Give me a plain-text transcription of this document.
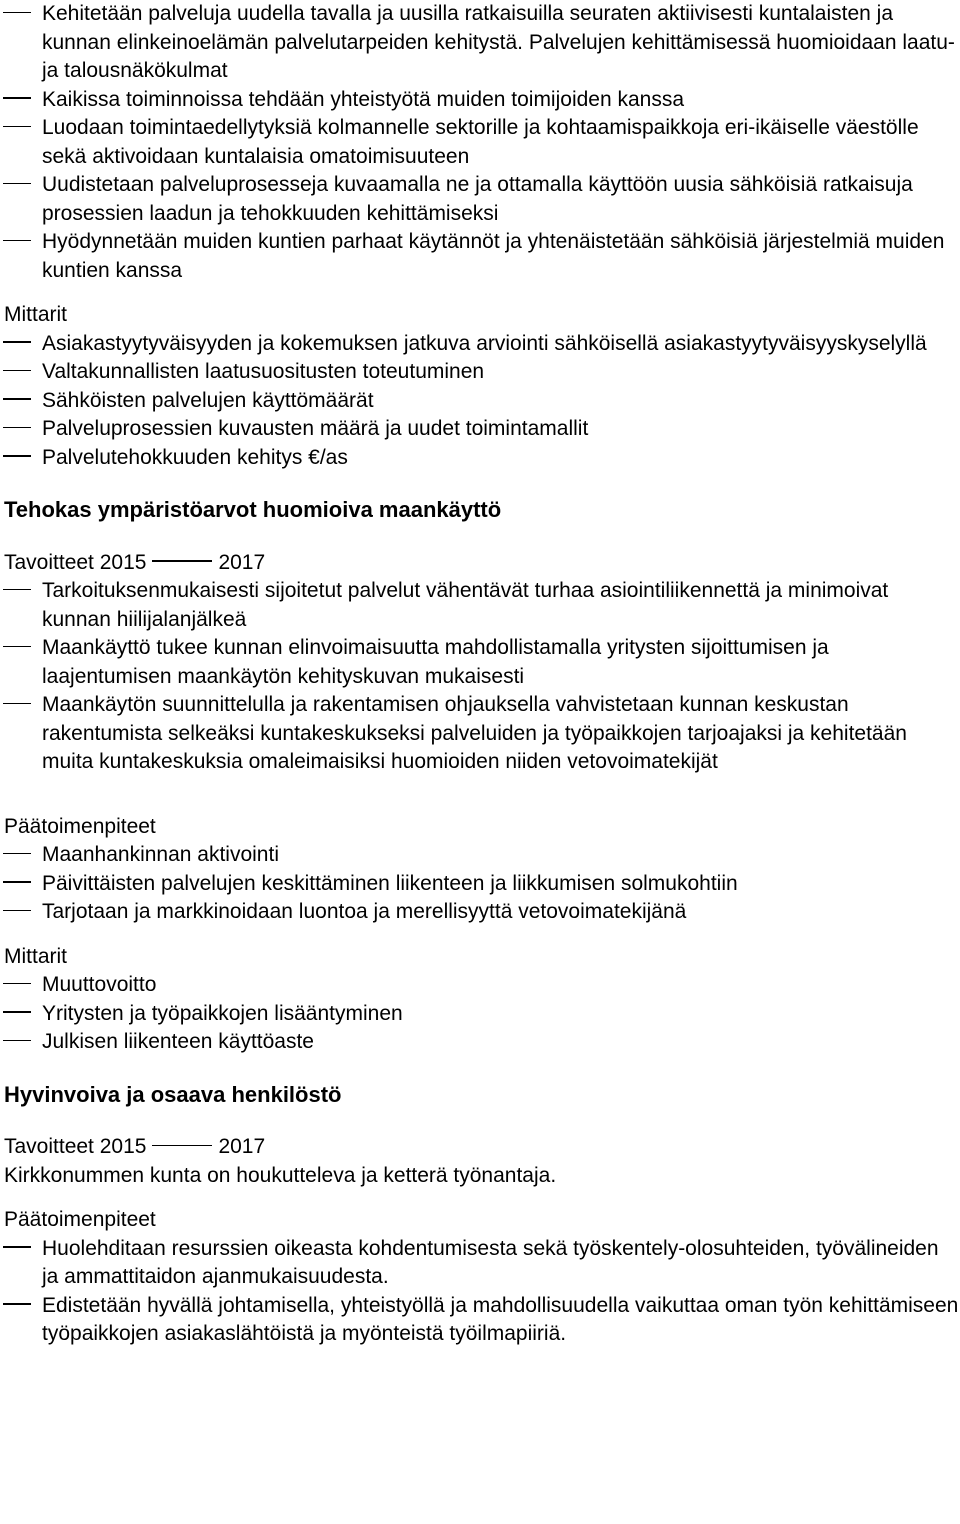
Kehitetään palveluja uudella tavalla ja uusilla ratkaisuilla seuraten aktiivisesti kuntalaisten ja kunnan elinkeinoelämän palvelutarpeiden kehitystä. Palvelujen kehittämisessä huomioidaan laatu- ja talousnäkökulmat
Kaikissa toiminnoissa tehdään yhteistyötä muiden toimijoiden kanssa
Luodaan toimintaedellytyksiä kolmannelle sektorille ja kohtaamispaikkoja eri-ikäiselle väestölle sekä aktivoidaan kuntalaisia omatoimisuuteen
Uudistetaan palveluprosesseja kuvaamalla ne ja ottamalla käyttöön uusia sähköisiä ratkaisuja prosessien laadun ja tehokkuuden kehittämiseksi
Hyödynnetään muiden kuntien parhaat käytännöt ja yhtenäistetään sähköisiä järjestelmiä muiden kuntien kanssa

Mittarit

Asiakastyytyväisyyden ja kokemuksen jatkuva arviointi sähköisellä asiakastyytyväisyyskyselyllä
Valtakunnallisten laatusuositusten toteutuminen
Sähköisten palvelujen käyttömäärät
Palveluprosessien kuvausten määrä ja uudet toimintamallit
Palvelutehokkuuden kehitys €/as

Tehokas ympäristöarvot huomioiva maankäyttö

Tavoitteet 2015	2017

Tarkoituksenmukaisesti sijoitetut palvelut vähentävät turhaa asiointiliikennettä ja minimoivat kunnan hiilijalanjälkeä
Maankäyttö tukee kunnan elinvoimaisuutta mahdollistamalla yritysten sijoittumisen ja laajentumisen maankäytön kehityskuvan mukaisesti
Maankäytön suunnittelulla ja rakentamisen ohjauksella vahvistetaan kunnan keskustan rakentumista selkeäksi kuntakeskukseksi palveluiden ja työpaikkojen tarjoajaksi ja kehitetään muita kuntakeskuksia omaleimaisiksi huomioiden niiden vetovoimatekijät

Päätoimenpiteet

Maanhankinnan aktivointi
Päivittäisten palvelujen keskittäminen liikenteen ja liikkumisen solmukohtiin
Tarjotaan ja markkinoidaan luontoa ja merellisyyttä vetovoimatekijänä

Mittarit

Muuttovoitto
Yritysten ja työpaikkojen lisääntyminen
Julkisen liikenteen käyttöaste

Hyvinvoiva ja osaava henkilöstö

Tavoitteet 2015	2017

Kirkkonummen kunta on houkutteleva ja ketterä työnantaja.

Päätoimenpiteet

Huolehditaan resurssien oikeasta kohdentumisesta sekä työskentely-olosuhteiden, työvälineiden ja ammattitaidon ajanmukaisuudesta.
Edistetään hyvällä johtamisella, yhteistyöllä ja mahdollisuudella vaikuttaa oman työn kehittämiseen työpaikkojen asiakaslähtöistä ja myönteistä työilmapiiriä.
